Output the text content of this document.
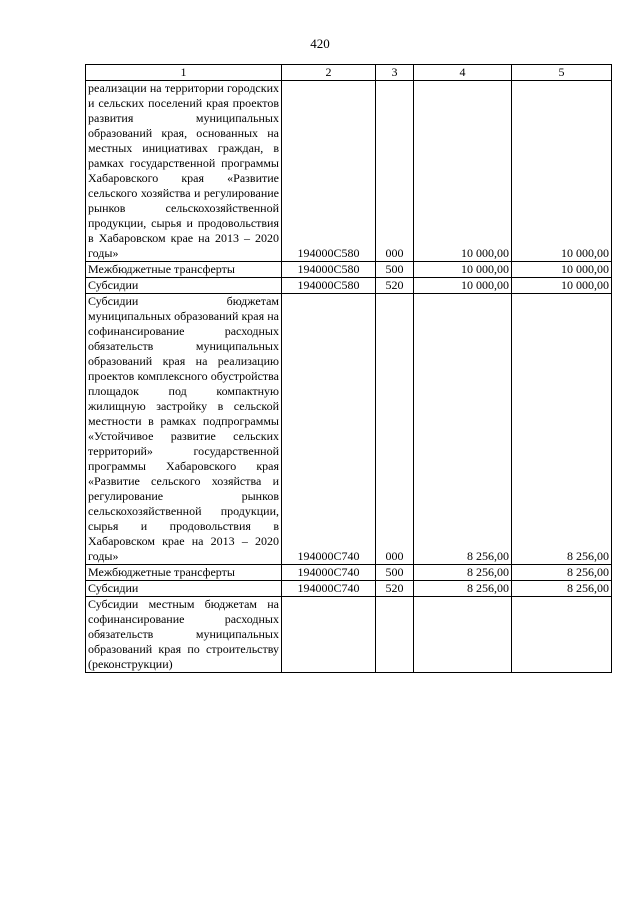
420
1	2	3	4	5
реализации на территории городских и сельских поселений края проектов развития муниципальных образований края, основанных на местных инициативах граждан, в рамках государственной программы Хабаровского края «Развитие сельского хозяйства и регулирование рынков сельскохозяйственной продукции, сырья и продовольствия в Хабаровском крае на 2013 – 2020 годы»	194000С580	000	10 000,00	10 000,00
Межбюджетные трансферты	194000С580	500	10 000,00	10 000,00
Субсидии	194000С580	520	10 000,00	10 000,00
Субсидии бюджетам муниципальных образований края на софинансирование расходных обязательств муниципальных образований края на реализацию проектов комплексного обустройства площадок под компактную жилищную застройку в сельской местности в рамках подпрограммы «Устойчивое развитие сельских территорий» государственной программы Хабаровского края «Развитие сельского хозяйства и регулирование рынков сельскохозяйственной продукции, сырья и продовольствия в Хабаровском крае на 2013 – 2020 годы»	194000С740	000	8 256,00	8 256,00
Межбюджетные трансферты	194000С740	500	8 256,00	8 256,00
Субсидии	194000С740	520	8 256,00	8 256,00
Субсидии местным бюджетам на софинансирование расходных обязательств муниципальных образований края по строительству (реконструкции)				
